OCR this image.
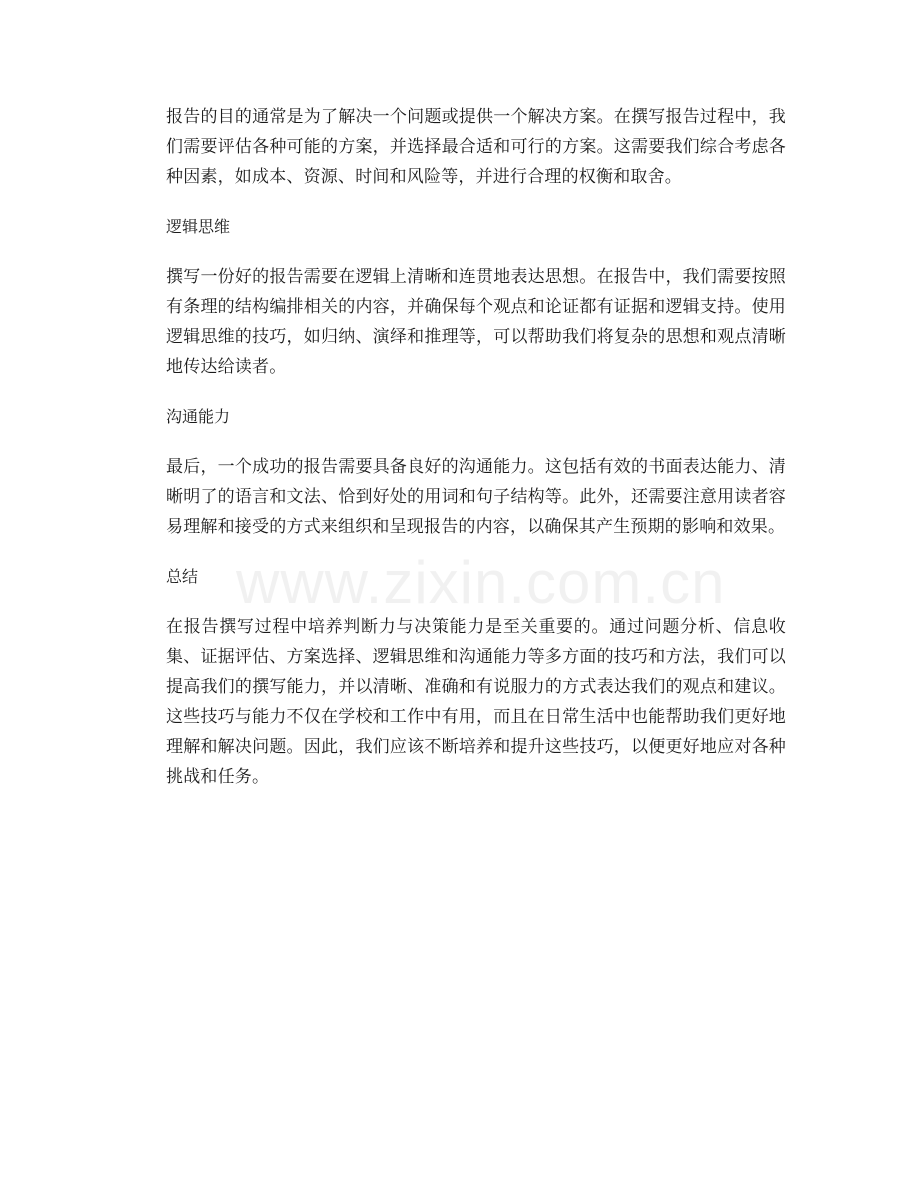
报告的目的通常是为了解决一个问题或提供一个解决方案。在撰写报告过程中，我们需要评估各种可能的方案，并选择最合适和可行的方案。这需要我们综合考虑各种因素，如成本、资源、时间和风险等，并进行合理的权衡和取舍。

逻辑思维

撰写一份好的报告需要在逻辑上清晰和连贯地表达思想。在报告中，我们需要按照有条理的结构编排相关的内容，并确保每个观点和论证都有证据和逻辑支持。使用逻辑思维的技巧，如归纳、演绎和推理等，可以帮助我们将复杂的思想和观点清晰地传达给读者。

沟通能力

最后，一个成功的报告需要具备良好的沟通能力。这包括有效的书面表达能力、清晰明了的语言和文法、恰到好处的用词和句子结构等。此外，还需要注意用读者容易理解和接受的方式来组织和呈现报告的内容，以确保其产生预期的影响和效果。

总结

在报告撰写过程中培养判断力与决策能力是至关重要的。通过问题分析、信息收集、证据评估、方案选择、逻辑思维和沟通能力等多方面的技巧和方法，我们可以提高我们的撰写能力，并以清晰、准确和有说服力的方式表达我们的观点和建议。这些技巧与能力不仅在学校和工作中有用，而且在日常生活中也能帮助我们更好地理解和解决问题。因此，我们应该不断培养和提升这些技巧，以便更好地应对各种挑战和任务。

www.zixin.com.cn
